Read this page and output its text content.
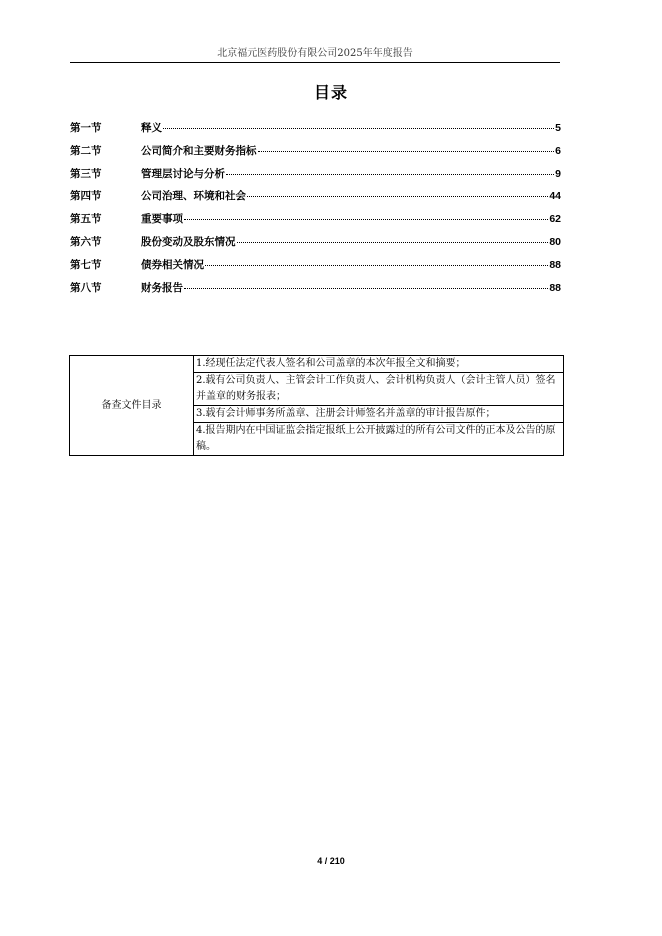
北京福元医药股份有限公司2025年年度报告
目录
第一节	释义	5
第二节	公司简介和主要财务指标	6
第三节	管理层讨论与分析	9
第四节	公司治理、环境和社会	44
第五节	重要事项	62
第六节	股份变动及股东情况	80
第七节	债券相关情况	88
第八节	财务报告	88
备查文件目录	1.经现任法定代表人签名和公司盖章的本次年报全文和摘要；
2.载有公司负责人、主管会计工作负责人、会计机构负责人（会计主管人员）签名并盖章的财务报表；
3.载有会计师事务所盖章、注册会计师签名并盖章的审计报告原件；
4.报告期内在中国证监会指定报纸上公开披露过的所有公司文件的正本及公告的原稿。
4 / 210
